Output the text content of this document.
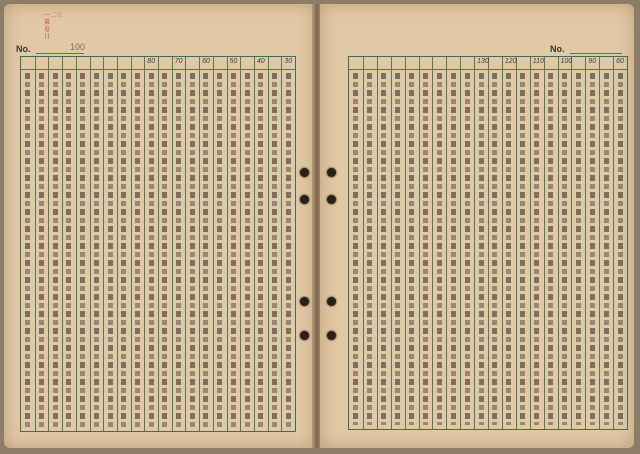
一二三
第
卷
日
No.	100
30
40
50
60
70
80
No.
60
90
100
110
120
130
